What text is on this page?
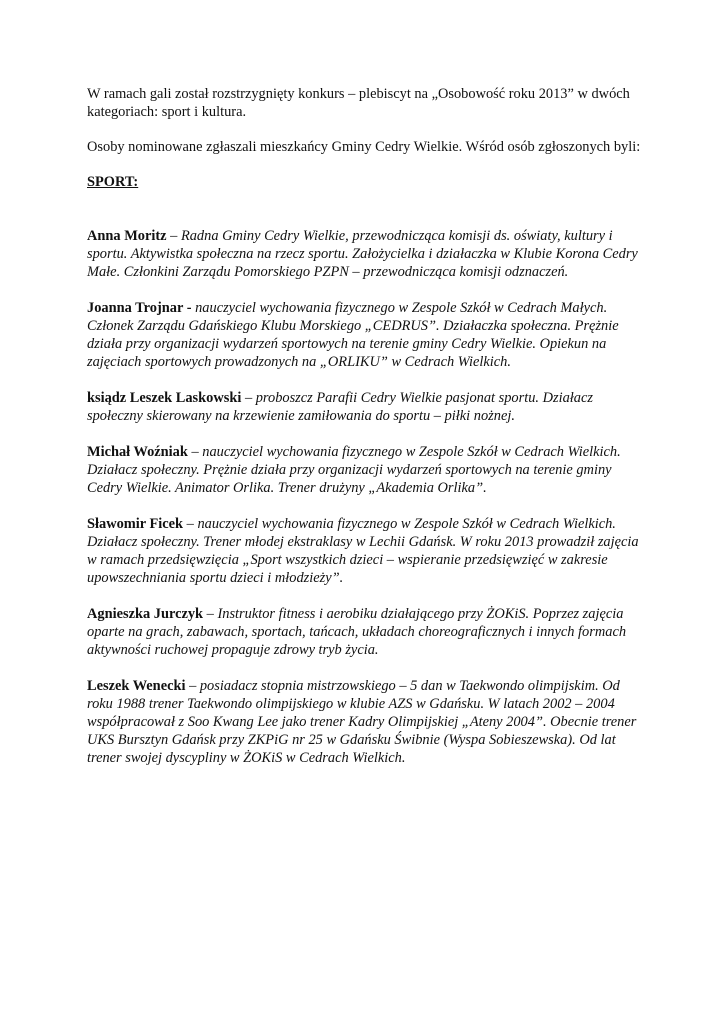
W ramach gali został rozstrzygnięty konkurs – plebiscyt na „Osobowość roku 2013” w dwóch kategoriach: sport i kultura.

Osoby nominowane zgłaszali mieszkańcy Gminy Cedry Wielkie. Wśród osób zgłoszonych byli:

SPORT:

Anna Moritz – Radna Gminy Cedry Wielkie, przewodnicząca komisji ds. oświaty, kultury i sportu. Aktywistka społeczna na rzecz sportu. Założycielka i działaczka w Klubie Korona Cedry Małe. Członkini Zarządu Pomorskiego PZPN – przewodnicząca komisji odznaczeń.

Joanna Trojnar - nauczyciel wychowania fizycznego w Zespole Szkół w Cedrach Małych. Członek Zarządu Gdańskiego Klubu Morskiego „CEDRUS”. Działaczka społeczna. Prężnie działa przy organizacji wydarzeń sportowych na terenie gminy Cedry Wielkie. Opiekun na zajęciach sportowych prowadzonych na „ORLIKU” w Cedrach Wielkich.

ksiądz Leszek Laskowski – proboszcz Parafii Cedry Wielkie pasjonat sportu. Działacz społeczny skierowany na krzewienie zamiłowania do sportu – piłki nożnej.

Michał Woźniak – nauczyciel wychowania fizycznego w Zespole Szkół w Cedrach Wielkich. Działacz społeczny. Prężnie działa przy organizacji wydarzeń sportowych na terenie gminy Cedry Wielkie. Animator Orlika. Trener drużyny „Akademia Orlika”.

Sławomir Ficek – nauczyciel wychowania fizycznego w Zespole Szkół w Cedrach Wielkich. Działacz społeczny. Trener młodej ekstraklasy w Lechii Gdańsk. W roku 2013 prowadził zajęcia w ramach przedsięwzięcia „Sport wszystkich dzieci – wspieranie przedsięwzięć w zakresie upowszechniania sportu dzieci i młodzieży”.

Agnieszka Jurczyk – Instruktor fitness i aerobiku działającego przy ŻOKiS. Poprzez zajęcia oparte na grach, zabawach, sportach, tańcach, układach choreograficznych i innych formach aktywności ruchowej propaguje zdrowy tryb życia.

Leszek Wenecki – posiadacz stopnia mistrzowskiego – 5 dan w Taekwondo olimpijskim. Od roku 1988 trener Taekwondo olimpijskiego w klubie AZS w Gdańsku. W latach 2002 – 2004 współpracował z Soo Kwang Lee jako trener Kadry Olimpijskiej „Ateny 2004”. Obecnie trener UKS Bursztyn Gdańsk przy ZKPiG nr 25 w Gdańsku Świbnie (Wyspa Sobieszewska). Od lat trener swojej dyscypliny w ŻOKiS w Cedrach Wielkich.
